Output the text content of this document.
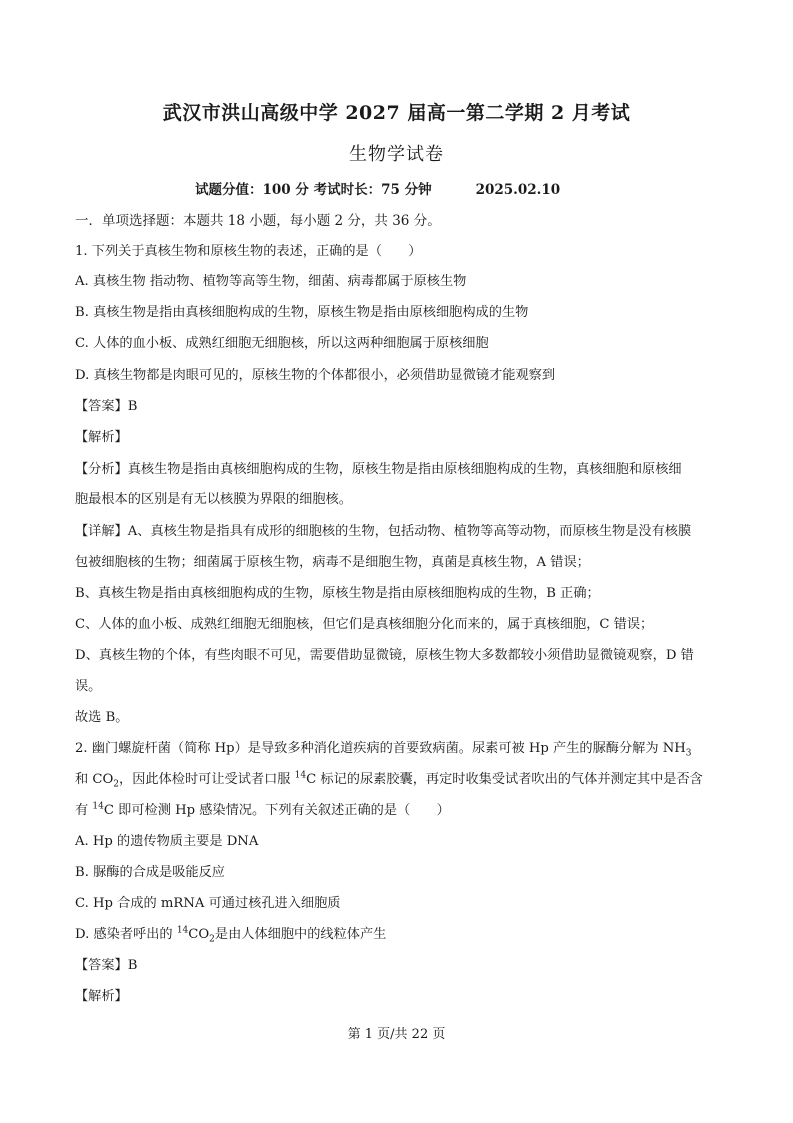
武汉市洪山高级中学 2027 届高一第二学期 2 月考试
生物学试卷
试题分值：100 分 考试时长：75 分钟	2025.02.10
一．单项选择题：本题共 18 小题，每小题 2 分，共 36 分。
1. 下列关于真核生物和原核生物的表述，正确的是（　　）
A. 真核生物 指动物、植物等高等生物，细菌、病毒都属于原核生物
B. 真核生物是指由真核细胞构成的生物，原核生物是指由原核细胞构成的生物
C. 人体的血小板、成熟红细胞无细胞核，所以这两种细胞属于原核细胞
D. 真核生物都是肉眼可见的，原核生物的个体都很小，必须借助显微镜才能观察到
【答案】B
【解析】
【分析】真核生物是指由真核细胞构成的生物，原核生物是指由原核细胞构成的生物，真核细胞和原核细
胞最根本的区别是有无以核膜为界限的细胞核。
【详解】A、真核生物是指具有成形的细胞核的生物，包括动物、植物等高等动物，而原核生物是没有核膜
包被细胞核的生物；细菌属于原核生物，病毒不是细胞生物，真菌是真核生物，A 错误；
B、真核生物是指由真核细胞构成的生物，原核生物是指由原核细胞构成的生物，B 正确；
C、人体的血小板、成熟红细胞无细胞核，但它们是真核细胞分化而来的，属于真核细胞，C 错误；
D、真核生物的个体，有些肉眼不可见，需要借助显微镜，原核生物大多数都较小须借助显微镜观察，D 错
误。
故选 B。
2. 幽门螺旋杆菌（简称 Hp）是导致多种消化道疾病的首要致病菌。尿素可被 Hp 产生的脲酶分解为 $NH_3$
和 $CO_2$，因此体检时可让受试者口服 $^{14}$C 标记的尿素胶囊，再定时收集受试者吹出的气体并测定其中是否含
有 $^{14}$C 即可检测 Hp 感染情况。下列有关叙述正确的是（　　）
A. Hp 的遗传物质主要是 DNA
B. 脲酶的合成是吸能反应
C. Hp 合成的 mRNA 可通过核孔进入细胞质
D. 感染者呼出的 $^{14}CO_2$是由人体细胞中的线粒体产生
【答案】B
【解析】
第 1 页/共 22 页
